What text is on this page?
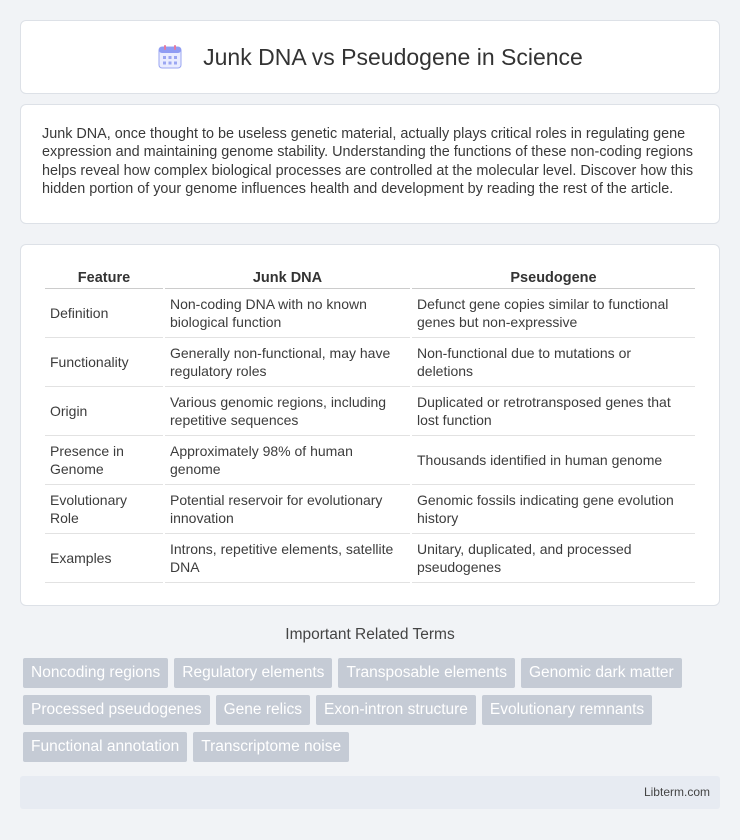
Junk DNA vs Pseudogene in Science

Junk DNA, once thought to be useless genetic material, actually plays critical roles in regulating gene expression and maintaining genome stability. Understanding the functions of these non-coding regions helps reveal how complex biological processes are controlled at the molecular level. Discover how this hidden portion of your genome influences health and development by reading the rest of the article.

Feature	Junk DNA	Pseudogene
Definition	Non-coding DNA with no known biological function	Defunct gene copies similar to functional genes but non-expressive
Functionality	Generally non-functional, may have regulatory roles	Non-functional due to mutations or deletions
Origin	Various genomic regions, including repetitive sequences	Duplicated or retrotransposed genes that lost function
Presence in Genome	Approximately 98% of human genome	Thousands identified in human genome
Evolutionary Role	Potential reservoir for evolutionary innovation	Genomic fossils indicating gene evolution history
Examples	Introns, repetitive elements, satellite DNA	Unitary, duplicated, and processed pseudogenes
Important Related Terms
Noncoding regions	Regulatory elements	Transposable elements	Genomic dark matter
Processed pseudogenes	Gene relics	Exon-intron structure	Evolutionary remnants
Functional annotation	Transcriptome noise
Libterm.com
